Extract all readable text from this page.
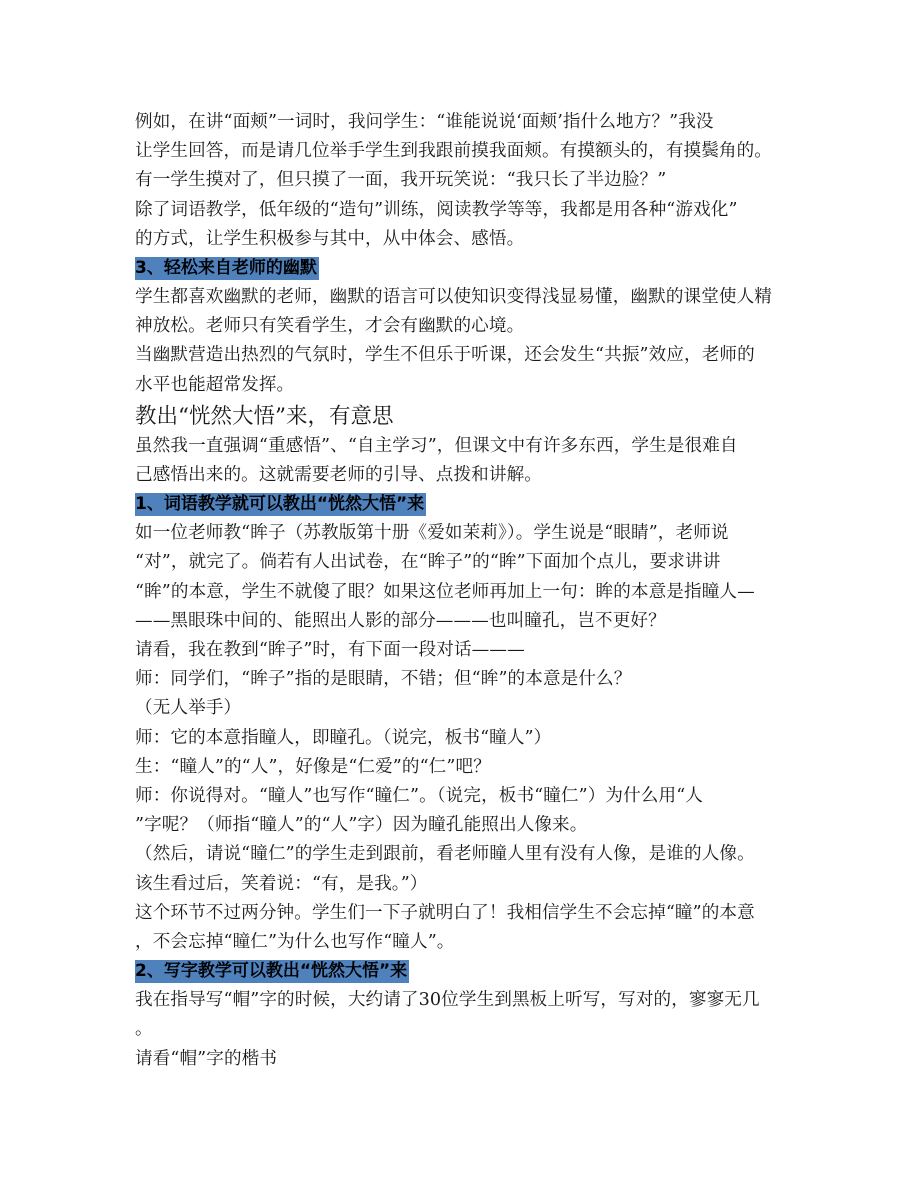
例如，在讲“面颊”一词时，我问学生：“谁能说说‘面颊’指什么地方？”我没

让学生回答，而是请几位举手学生到我跟前摸我面颊。有摸额头的，有摸鬓角的。

有一学生摸对了，但只摸了一面，我开玩笑说：“我只长了半边脸？”

除了词语教学，低年级的“造句”训练，阅读教学等等，我都是用各种“游戏化”

的方式，让学生积极参与其中，从中体会、感悟。

3、轻松来自老师的幽默

学生都喜欢幽默的老师，幽默的语言可以使知识变得浅显易懂，幽默的课堂使人精

神放松。老师只有笑看学生，才会有幽默的心境。

当幽默营造出热烈的气氛时，学生不但乐于听课，还会发生“共振”效应，老师的

水平也能超常发挥。

教出“恍然大悟”来，有意思

虽然我一直强调“重感悟”、“自主学习”，但课文中有许多东西，学生是很难自

己感悟出来的。这就需要老师的引导、点拨和讲解。

1、词语教学就可以教出“恍然大悟”来

如一位老师教“眸子（苏教版第十册《爱如茉莉》）。学生说是“眼睛”，老师说

“对”，就完了。倘若有人出试卷，在“眸子”的“眸”下面加个点儿，要求讲讲

“眸”的本意，学生不就傻了眼？如果这位老师再加上一句：眸的本意是指瞳人—

——黑眼珠中间的、能照出人影的部分———也叫瞳孔，岂不更好？

请看，我在教到“眸子”时，有下面一段对话———

师：同学们，“眸子”指的是眼睛，不错；但“眸”的本意是什么？

（无人举手）

师：它的本意指瞳人，即瞳孔。（说完，板书“瞳人”）

生：“瞳人”的“人”，好像是“仁爱”的“仁”吧？

师：你说得对。“瞳人”也写作“瞳仁”。（说完，板书“瞳仁”）为什么用“人

”字呢？（师指“瞳人”的“人”字）因为瞳孔能照出人像来。

（然后，请说“瞳仁”的学生走到跟前，看老师瞳人里有没有人像，是谁的人像。

该生看过后，笑着说：“有，是我。”）

这个环节不过两分钟。学生们一下子就明白了！我相信学生不会忘掉“瞳”的本意

，不会忘掉“瞳仁”为什么也写作“瞳人”。

2、写字教学可以教出“恍然大悟”来

我在指导写“帽”字的时候，大约请了30位学生到黑板上听写，写对的，寥寥无几

。

请看“帽”字的楷书
